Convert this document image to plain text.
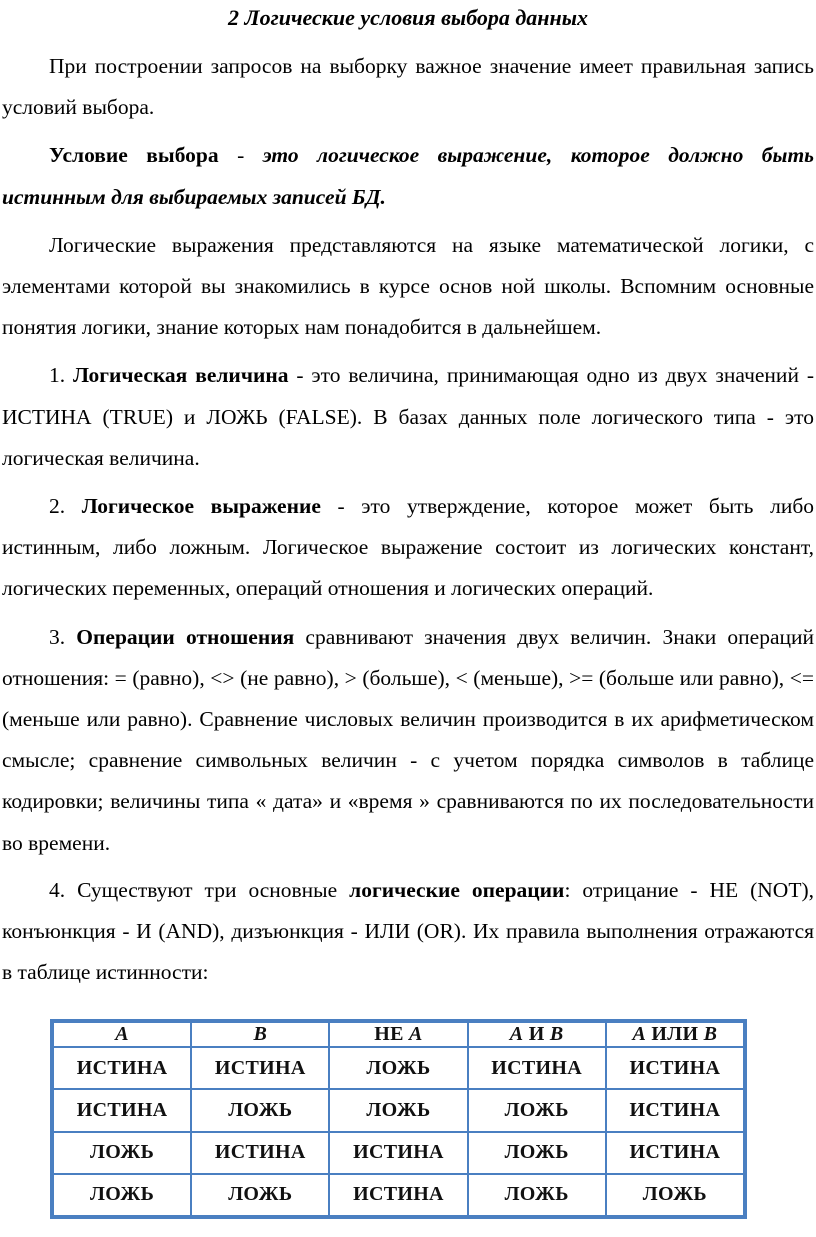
2 Логические условия выбора данных

При построении запросов на выборку важное значение имеет правильная запись условий выбора.

Условие выбора - это логическое выражение, которое должно быть истинным для выбираемых записей БД.

Логические выражения представляются на языке математической логики, с элементами которой вы знакомились в курсе основ ной школы. Вспомним основные понятия логики, знание которых нам понадобится в дальнейшем.

1. Логическая величина - это величина, принимающая одно из двух значений - ИСТИНА (TRUE) и ЛОЖЬ (FALSE). В базах данных поле логического типа - это логическая величина.

2. Логическое выражение - это утверждение, которое может быть либо истинным, либо ложным. Логическое выражение состоит из логических констант, логических переменных, операций отношения и логических операций.

3. Операции отношения сравнивают значения двух величин. Знаки операций отношения: = (равно), <> (не равно), > (больше), < (меньше), >= (больше или равно), <= (меньше или равно). Сравнение числовых величин производится в их арифметическом смысле; сравнение символьных величин - с учетом порядка символов в таблице кодировки; величины типа « дата» и «время » сравниваются по их последовательности во времени.

4. Существуют три основные логические операции: отрицание - НЕ (NOT), конъюнкция - И (AND), дизъюнкция - ИЛИ (OR). Их правила выполнения отражаются в таблице истинности:

A	B	НЕ A	A И B	A ИЛИ B
ИСТИНА	ИСТИНА	ЛОЖЬ	ИСТИНА	ИСТИНА
ИСТИНА	ЛОЖЬ	ЛОЖЬ	ЛОЖЬ	ИСТИНА
ЛОЖЬ	ИСТИНА	ИСТИНА	ЛОЖЬ	ИСТИНА
ЛОЖЬ	ЛОЖЬ	ИСТИНА	ЛОЖЬ	ЛОЖЬ
